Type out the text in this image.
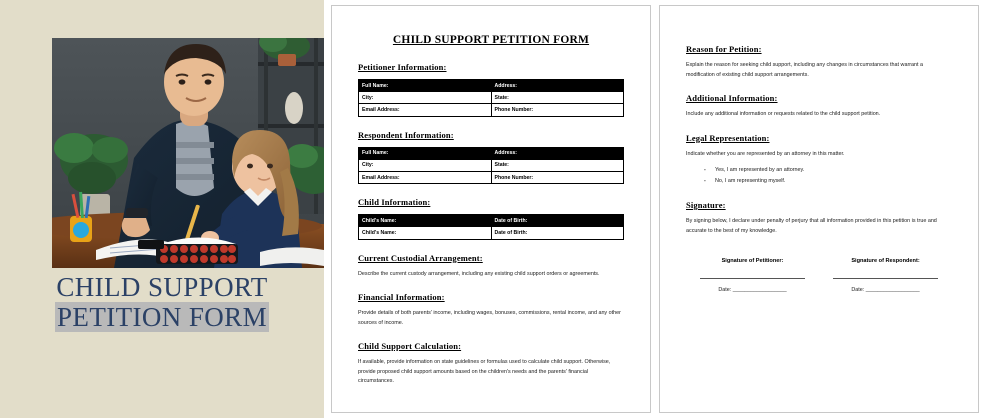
CHILD SUPPORT
PETITION FORM
CHILD SUPPORT PETITION FORM
Petitioner Information:
Full Name:	Address:	
City:	State:	
Email Address:	Phone Number:	
Respondent Information:
Full Name:	Address:	
City:	State:	
Email Address:	Phone Number:	
Child Information:
Child's Name:	Date of Birth:
Child's Name:	Date of Birth:
Current Custodial Arrangement:
Describe the current custody arrangement, including any existing child support orders or agreements.
Financial Information:
Provide details of both parents' income, including wages, bonuses, commissions, rental income, and any other sources of income.
Child Support Calculation:
If available, provide information on state guidelines or formulas used to calculate child support. Otherwise, provide proposed child support amounts based on the children's needs and the parents' financial circumstances.
Reason for Petition:
Explain the reason for seeking child support, including any changes in circumstances that warrant a modification of existing child support arrangements.
Additional Information:
Include any additional information or requests related to the child support petition.
Legal Representation:
Indicate whether you are represented by an attorney in this matter.
- Yes, I am represented by an attorney.
- No, I am representing myself.
Signature:
By signing below, I declare under penalty of perjury that all information provided in this petition is true and accurate to the best of my knowledge.
Signature of Petitioner:
Date: __________________
Signature of Respondent:
Date: __________________
